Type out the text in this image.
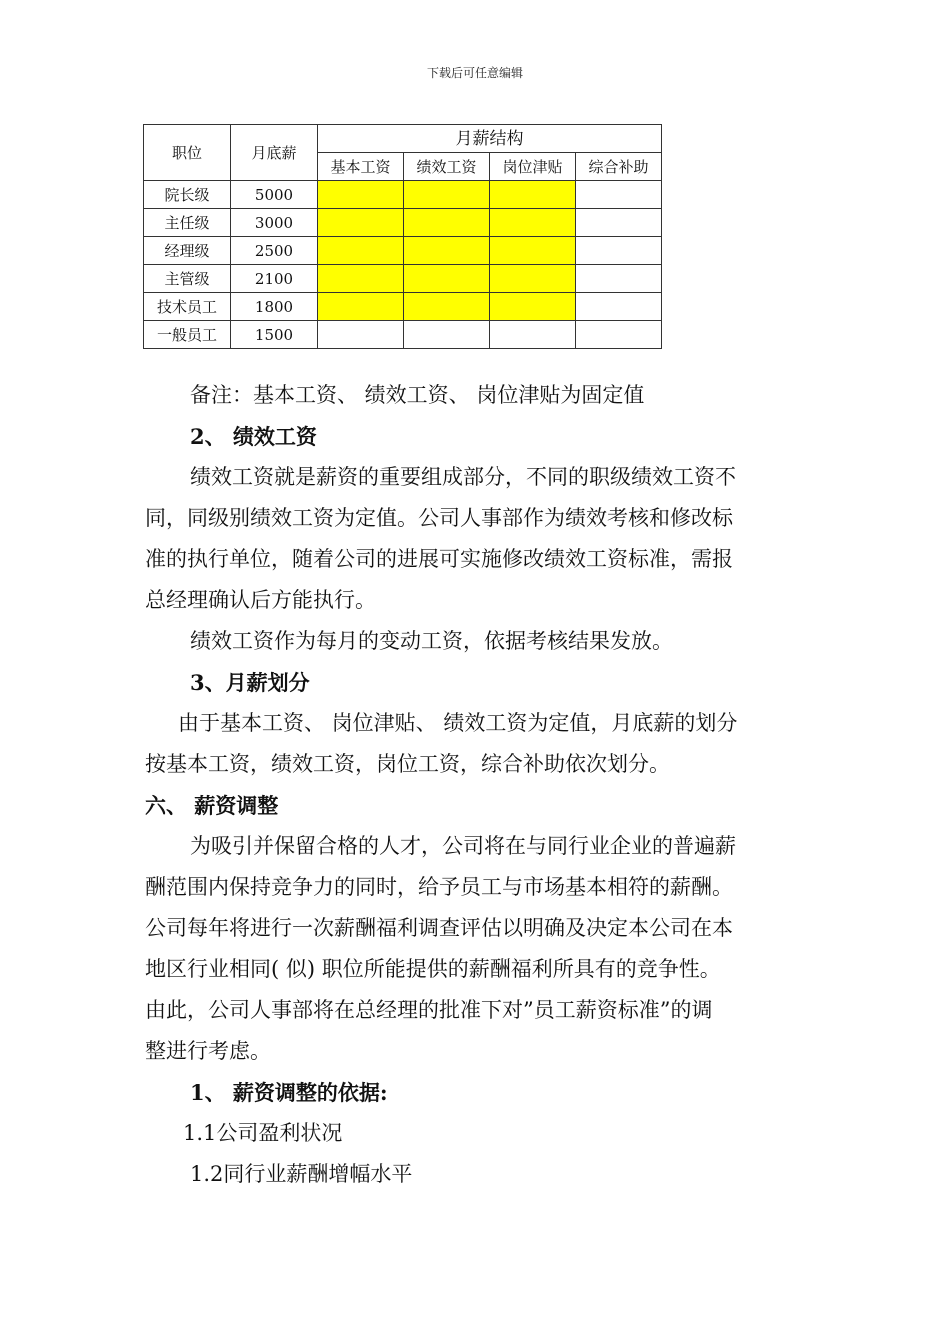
下载后可任意编辑
职位	月底薪	月薪结构			
		基本工资	绩效工资	岗位津贴	综合补助
院长级	5000				
主任级	3000				
经理级	2500				
主管级	2100				
技术员工	1800				
一般员工	1500				

备注：基本工资、 绩效工资、 岗位津贴为固定值

2、 绩效工资

绩效工资就是薪资的重要组成部分，不同的职级绩效工资不

同，同级别绩效工资为定值。公司人事部作为绩效考核和修改标

准的执行单位，随着公司的进展可实施修改绩效工资标准，需报

总经理确认后方能执行。

绩效工资作为每月的变动工资，依据考核结果发放。

3、月薪划分

由于基本工资、 岗位津贴、 绩效工资为定值，月底薪的划分

按基本工资，绩效工资，岗位工资，综合补助依次划分。

六、 薪资调整

为吸引并保留合格的人才，公司将在与同行业企业的普遍薪

酬范围内保持竞争力的同时，给予员工与市场基本相符的薪酬。

公司每年将进行一次薪酬福利调查评估以明确及决定本公司在本

地区行业相同( 似) 职位所能提供的薪酬福利所具有的竞争性。

由此，公司人事部将在总经理的批准下对”员工薪资标准”的调

整进行考虑。

1、 薪资调整的依据:

1.1公司盈利状况

1.2同行业薪酬增幅水平
